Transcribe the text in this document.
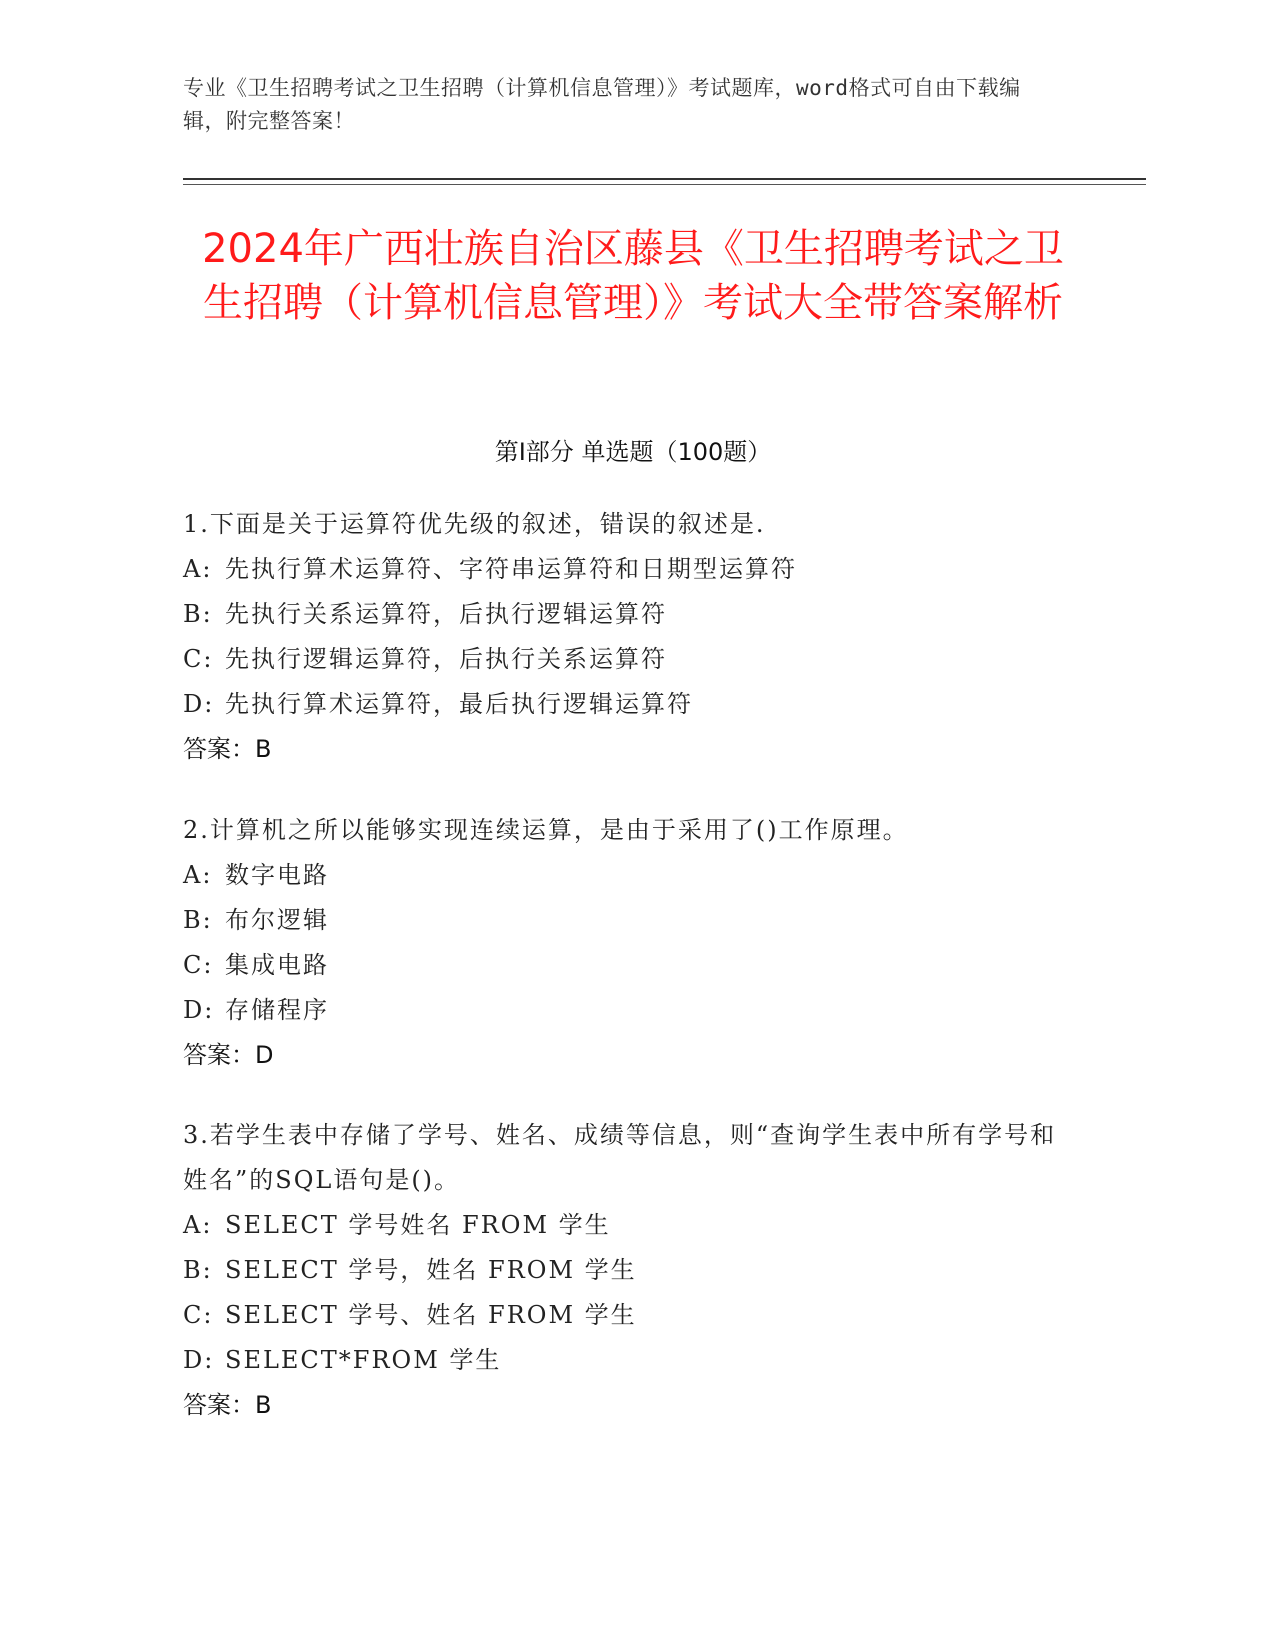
专业《卫生招聘考试之卫生招聘（计算机信息管理）》考试题库，word格式可自由下载编辑，附完整答案！
2024年广西壮族自治区藤县《卫生招聘考试之卫生招聘（计算机信息管理）》考试大全带答案解析
第Ⅰ部分 单选题（100题）
1.下面是关于运算符优先级的叙述，错误的叙述是.
A: 先执行算术运算符、字符串运算符和日期型运算符
B: 先执行关系运算符，后执行逻辑运算符
C: 先执行逻辑运算符，后执行关系运算符
D: 先执行算术运算符，最后执行逻辑运算符
答案：B
2.计算机之所以能够实现连续运算，是由于采用了()工作原理。
A: 数字电路
B: 布尔逻辑
C: 集成电路
D: 存储程序
答案：D
3.若学生表中存储了学号、姓名、成绩等信息，则“查询学生表中所有学号和姓名”的SQL语句是()。
A: SELECT 学号姓名 FROM 学生
B: SELECT 学号，姓名 FROM 学生
C: SELECT 学号、姓名 FROM 学生
D: SELECT*FROM 学生
答案：B
